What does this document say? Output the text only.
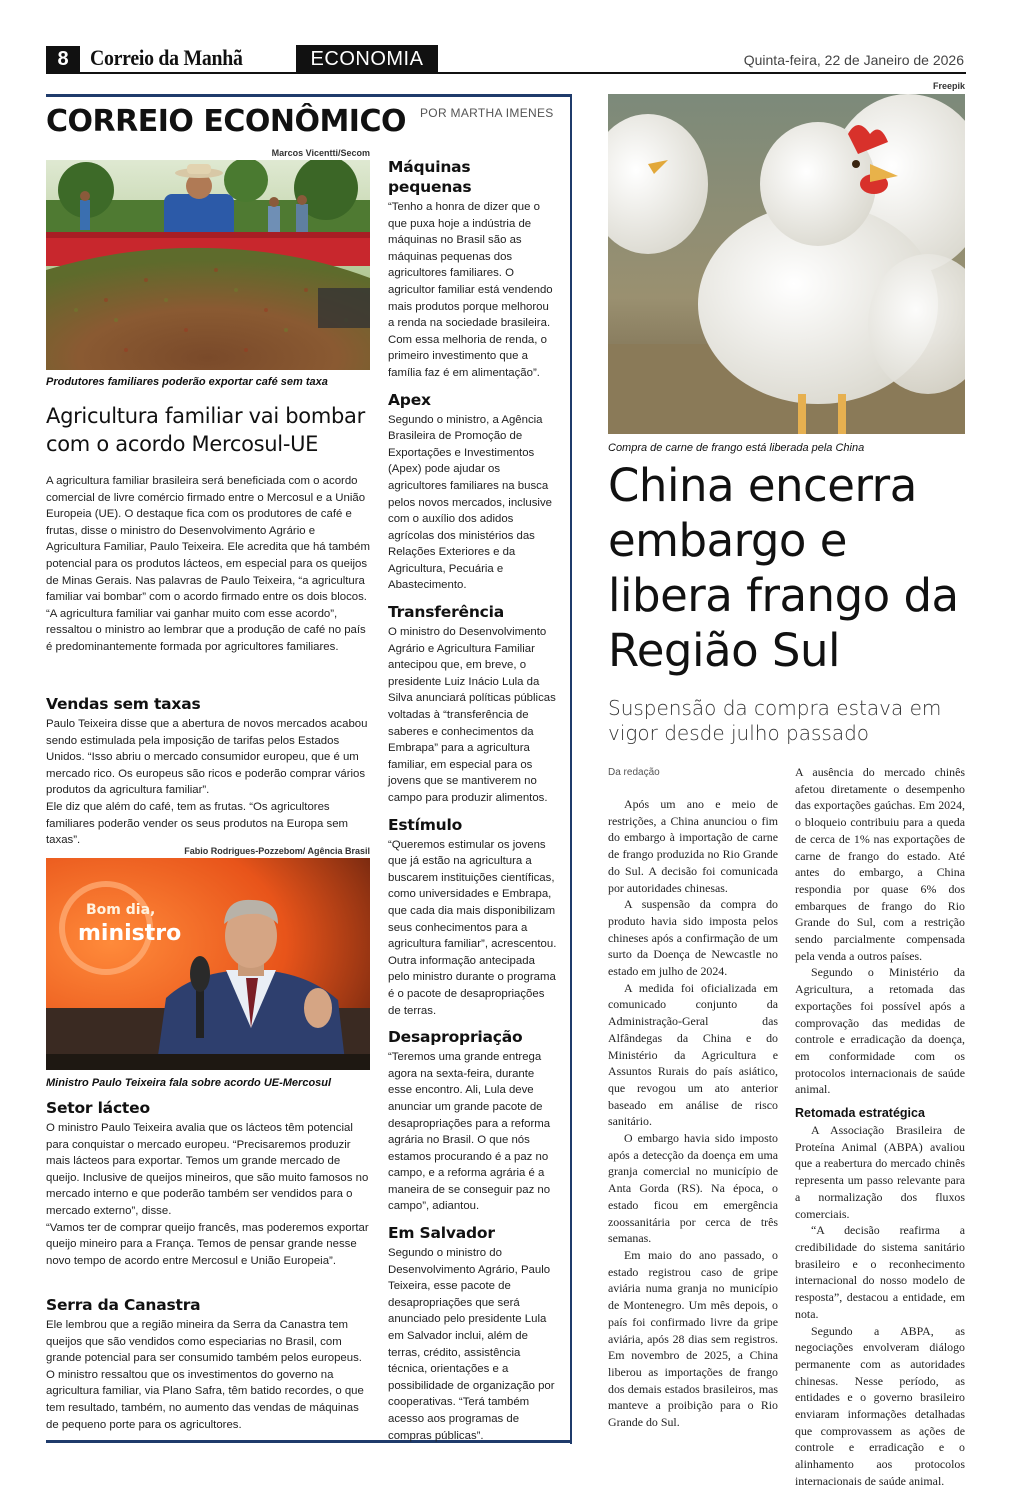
8 Correio da Manhã	ECONOMIA	Quinta-feira, 22 de Janeiro de 2026
CORREIO ECONÔMICO POR MARTHA IMENES
Marcos Vicentti/Secom
Produtores familiares poderão exportar café sem taxa
Agricultura familiar vai bombar com o acordo Mercosul-UE

A agricultura familiar brasileira será beneficiada com o acordo comercial de livre comércio firmado entre o Mercosul e a União Europeia (UE). O destaque fica com os produtores de café e frutas, disse o ministro do Desenvolvimento Agrário e Agricultura Familiar, Paulo Teixeira. Ele acredita que há também potencial para os produtos lácteos, em especial para os queijos de Minas Gerais. Nas palavras de Paulo Teixeira, “a agricultura familiar vai bombar” com o acordo firmado entre os dois blocos. “A agricultura familiar vai ganhar muito com esse acordo”, ressaltou o ministro ao lembrar que a produção de café no país é predominantemente formada por agricultores familiares.

Vendas sem taxas

Paulo Teixeira disse que a abertura de novos mercados acabou sendo estimulada pela imposição de tarifas pelos Estados Unidos. “Isso abriu o mercado consumidor europeu, que é um mercado rico. Os europeus são ricos e poderão comprar vários produtos da agricultura familiar”.

Ele diz que além do café, tem as frutas. “Os agricultores familiares poderão vender os seus produtos na Europa sem taxas”.

Fabio Rodrigues-Pozzebom/ Agência Brasil
Bom dia,
ministro
Ministro Paulo Teixeira fala sobre acordo UE-Mercosul
Setor lácteo

O ministro Paulo Teixeira avalia que os lácteos têm potencial para conquistar o mercado europeu. “Precisaremos produzir mais lácteos para exportar. Temos um grande mercado de queijo. Inclusive de queijos mineiros, que são muito famosos no mercado interno e que poderão também ser vendidos para o mercado externo”, disse.

“Vamos ter de comprar queijo francês, mas poderemos exportar queijo mineiro para a França. Temos de pensar grande nesse novo tempo de acordo entre Mercosul e União Europeia”.

Serra da Canastra

Ele lembrou que a região mineira da Serra da Canastra tem queijos que são vendidos como especiarias no Brasil, com grande potencial para ser consumido também pelos europeus. O ministro ressaltou que os investimentos do governo na agricultura familiar, via Plano Safra, têm batido recordes, o que tem resultado, também, no aumento das vendas de máquinas de pequeno porte para os agricultores.

Máquinas pequenas

“Tenho a honra de dizer que o que puxa hoje a indústria de máquinas no Brasil são as máquinas pequenas dos agricultores familiares. O agricultor familiar está vendendo mais produtos porque melhorou a renda na sociedade brasileira. Com essa melhoria de renda, o primeiro investimento que a família faz é em alimentação”.

Apex

Segundo o ministro, a Agência Brasileira de Promoção de Exportações e Investimentos (Apex) pode ajudar os agricultores familiares na busca pelos novos mercados, inclusive com o auxílio dos adidos agrícolas dos ministérios das Relações Exteriores e da Agricultura, Pecuária e Abastecimento.

Transferência

O ministro do Desenvolvimento Agrário e Agricultura Familiar antecipou que, em breve, o presidente Luiz Inácio Lula da Silva anunciará políticas públicas voltadas à “transferência de saberes e conhecimentos da Embrapa” para a agricultura familiar, em especial para os jovens que se mantiverem no campo para produzir alimentos.

Estímulo

“Queremos estimular os jovens que já estão na agricultura a buscarem instituições científicas, como universidades e Embrapa, que cada dia mais disponibilizam seus conhecimentos para a agricultura familiar”, acrescentou. Outra informação antecipada pelo ministro durante o programa é o pacote de desapropriações de terras.

Desapropriação

“Teremos uma grande entrega agora na sexta-feira, durante esse encontro. Ali, Lula deve anunciar um grande pacote de desapropriações para a reforma agrária no Brasil. O que nós estamos procurando é a paz no campo, e a reforma agrária é a maneira de se conseguir paz no campo”, adiantou.

Em Salvador

Segundo o ministro do Desenvolvimento Agrário, Paulo Teixeira, esse pacote de desapropriações que será anunciado pelo presidente Lula em Salvador inclui, além de terras, crédito, assistência técnica, orientações e a possibilidade de organização por cooperativas. “Terá também acesso aos programas de compras públicas”.

Freepik
Compra de carne de frango está liberada pela China
China encerra embargo e libera frango da Região Sul
Suspensão da compra estava em vigor desde julho passado
Da redação

Após um ano e meio de restrições, a China anunciou o fim do embargo à importação de carne de frango produzida no Rio Grande do Sul. A decisão foi comunicada por autoridades chinesas.

A suspensão da compra do produto havia sido imposta pelos chineses após a confirmação de um surto da Doença de Newcastle no estado em julho de 2024.

A medida foi oficializada em comunicado conjunto da Administração-Geral das Alfândegas da China e do Ministério da Agricultura e Assuntos Rurais do país asiático, que revogou um ato anterior baseado em análise de risco sanitário.

O embargo havia sido imposto após a detecção da doença em uma granja comercial no município de Anta Gorda (RS). Na época, o estado ficou em emergência zoossanitária por cerca de três semanas.

Em maio do ano passado, o estado registrou caso de gripe aviária numa granja no município de Montenegro. Um mês depois, o país foi confirmado livre da gripe aviária, após 28 dias sem registros. Em novembro de 2025, a China liberou as importações de frango dos demais estados brasileiros, mas manteve a proibição para o Rio Grande do Sul.

A ausência do mercado chinês afetou diretamente o desempenho das exportações gaúchas. Em 2024, o bloqueio contribuiu para a queda de cerca de 1% nas exportações de carne de frango do estado. Até antes do embargo, a China respondia por quase 6% dos embarques de frango do Rio Grande do Sul, com a restrição sendo parcialmente compensada pela venda a outros países.

Segundo o Ministério da Agricultura, a retomada das exportações foi possível após a comprovação das medidas de controle e erradicação da doença, em conformidade com os protocolos internacionais de saúde animal.

Retomada estratégica

A Associação Brasileira de Proteína Animal (ABPA) avaliou que a reabertura do mercado chinês representa um passo relevante para a normalização dos fluxos comerciais.

“A decisão reafirma a credibilidade do sistema sanitário brasileiro e o reconhecimento internacional do nosso modelo de resposta”, destacou a entidade, em nota.

Segundo a ABPA, as negociações envolveram diálogo permanente com as autoridades chinesas. Nesse período, as entidades e o governo brasileiro enviaram informações detalhadas que comprovassem as ações de controle e erradicação e o alinhamento aos protocolos internacionais de saúde animal.
